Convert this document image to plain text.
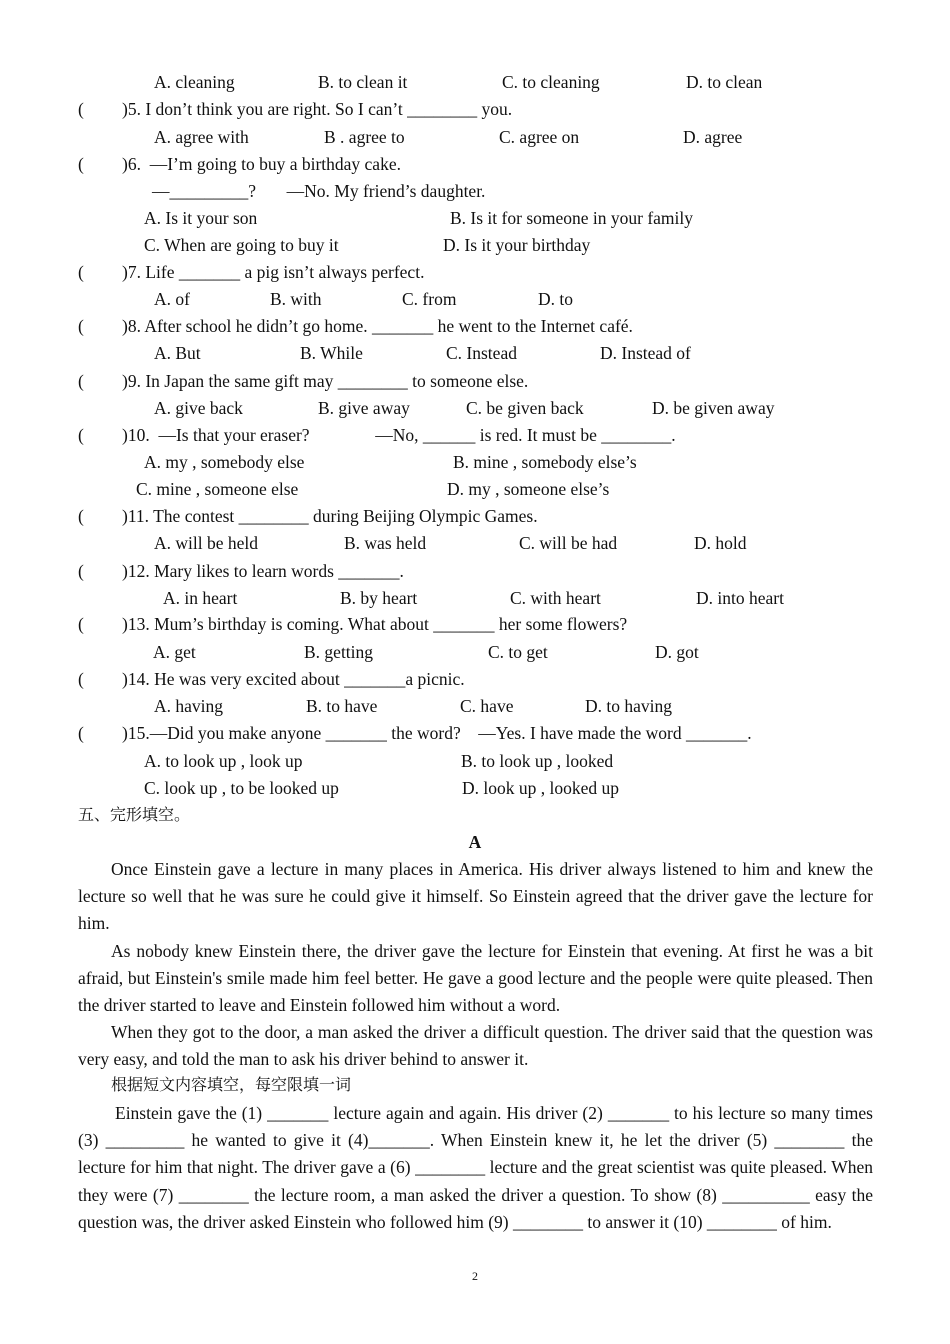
A. cleaning	B. to clean it	C. to cleaning	D. to clean
( )5. I don’t think you are right. So I can’t ________ you.
A. agree with	B . agree to	C. agree on	D. agree
( )6.  —I’m going to buy a birthday cake.
—_________?       —No. My friend’s daughter.
A. Is it your son	B. Is it for someone in your family
C. When are going to buy it	D. Is it your birthday
( )7. Life _______ a pig isn’t always perfect.
A. of	B. with	C. from	D. to
( )8. After school he didn’t go home. _______ he went to the Internet café.
A. But	B. While	C. Instead	D. Instead of
( )9. In Japan the same gift may ________ to someone else.
A. give back	B. give away	C. be given back	D. be given away
( )10.  —Is that your eraser?               —No, ______ is red. It must be ________.
A. my , somebody else	B. mine , somebody else’s
C. mine , someone else	D. my , someone else’s
( )11. The contest ________ during Beijing Olympic Games.
A. will be held	B. was held	C. will be had	D. hold
( )12. Mary likes to learn words _______.
A. in heart	B. by heart	C. with heart	D. into heart
( )13. Mum’s birthday is coming. What about _______ her some flowers?
A. get	B. getting	C. to get	D. got
( )14. He was very excited about _______a picnic.
A. having	B. to have	C. have	D. to having
( )15.—Did you make anyone _______ the word?    —Yes. I have made the word _______.
A. to look up , look up	B. to look up , looked
C. look up , to be looked up	D. look up , looked up
五、完形填空。
A
Once Einstein gave a lecture in many places in America. His driver always listened to him and knew the lecture so well that he was sure he could give it himself. So Einstein agreed that the driver gave the lecture for him.
As nobody knew Einstein there, the driver gave the lecture for Einstein that evening. At first he was a bit afraid, but Einstein's smile made him feel better. He gave a good lecture and the people were quite pleased. Then the driver started to leave and Einstein followed him without a word.
When they got to the door, a man asked the driver a difficult question. The driver said that the question was very easy, and told the man to ask his driver behind to answer it.
根据短文内容填空，每空限填一词
Einstein gave the (1) _______ lecture again and again. His driver (2) _______ to his lecture so many times (3) _________ he wanted to give it (4)_______. When Einstein knew it, he let the driver (5) ________ the lecture for him that night. The driver gave a (6) ________ lecture and the great scientist was quite pleased. When they were (7) ________ the lecture room, a man asked the driver a question. To show (8) __________ easy the question was, the driver asked Einstein who followed him (9) ________ to answer it (10) ________ of him.
2
